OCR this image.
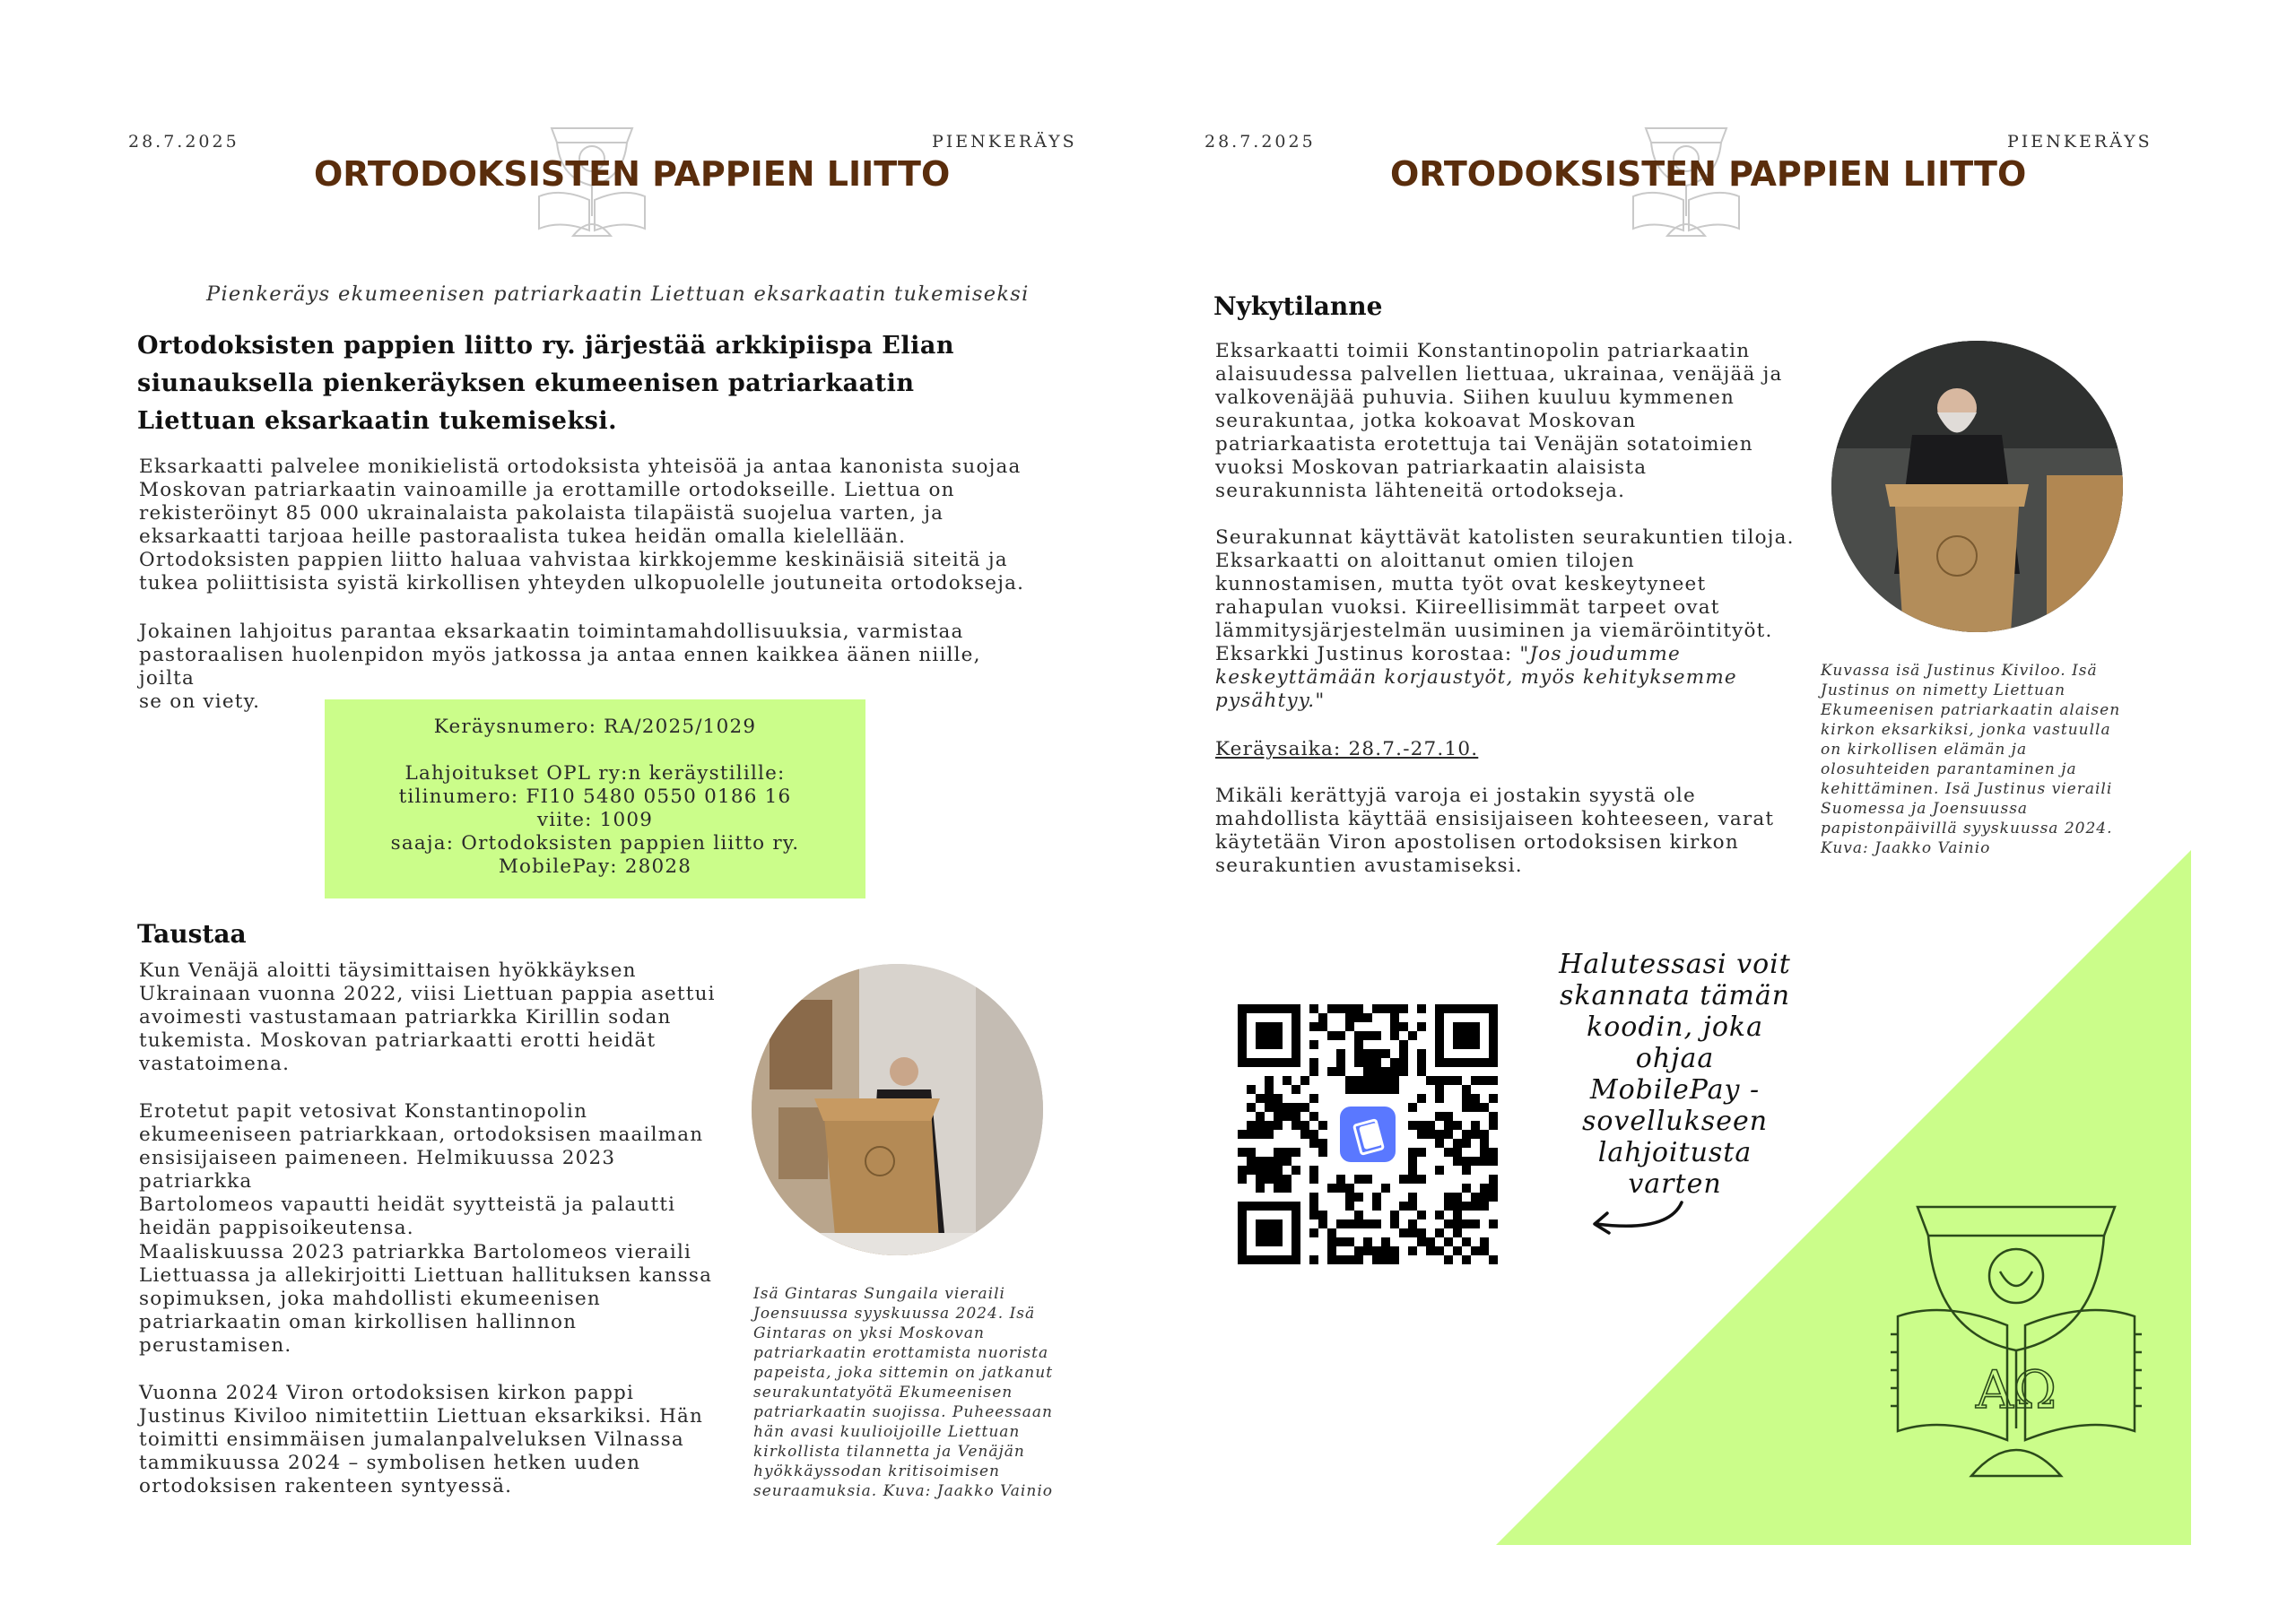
28.7.2025	PIENKERÄYS
ORTODOKSISTEN PAPPIEN LIITTO
Pienkeräys ekumeenisen patriarkaatin Liettuan eksarkaatin tukemiseksi
Ortodoksisten pappien liitto ry. järjestää arkkipiispa Elian siunauksella pienkeräyksen ekumeenisen patriarkaatin Liettuan eksarkaatin tukemiseksi.
Eksarkaatti palvelee monikielistä ortodoksista yhteisöä ja antaa kanonista suojaa
Moskovan patriarkaatin vainoamille ja erottamille ortodokseille. Liettua on
rekisteröinyt 85 000 ukrainalaista pakolaista tilapäistä suojelua varten, ja
eksarkaatti tarjoaa heille pastoraalista tukea heidän omalla kielellään.
Ortodoksisten pappien liitto haluaa vahvistaa kirkkojemme keskinäisiä siteitä ja
tukea poliittisista syistä kirkollisen yhteyden ulkopuolelle joutuneita ortodokseja.
Jokainen lahjoitus parantaa eksarkaatin toimintamahdollisuuksia, varmistaa
pastoraalisen huolenpidon myös jatkossa ja antaa ennen kaikkea äänen niille, joilta
se on viety.
Keräysnumero: RA/2025/1029
Lahjoitukset OPL ry:n keräystilille:
tilinumero: FI10 5480 0550 0186 16
viite: 1009
saaja: Ortodoksisten pappien liitto ry.
MobilePay: 28028
Taustaa
Kun Venäjä aloitti täysimittaisen hyökkäyksen
Ukrainaan vuonna 2022, viisi Liettuan pappia asettui
avoimesti vastustamaan patriarkka Kirillin sodan
tukemista. Moskovan patriarkaatti erotti heidät
vastatoimena.
Erotetut papit vetosivat Konstantinopolin
ekumeeniseen patriarkkaan, ortodoksisen maailman
ensisijaiseen paimeneen. Helmikuussa 2023 patriarkka
Bartolomeos vapautti heidät syytteistä ja palautti
heidän pappisoikeutensa.
Maaliskuussa 2023 patriarkka Bartolomeos vieraili
Liettuassa ja allekirjoitti Liettuan hallituksen kanssa
sopimuksen, joka mahdollisti ekumeenisen
patriarkaatin oman kirkollisen hallinnon
perustamisen.
Vuonna 2024 Viron ortodoksisen kirkon pappi
Justinus Kiviloo nimitettiin Liettuan eksarkiksi. Hän
toimitti ensimmäisen jumalanpalveluksen Vilnassa
tammikuussa 2024 – symbolisen hetken uuden
ortodoksisen rakenteen syntyessä.
Isä Gintaras Sungaila vieraili
Joensuussa syyskuussa 2024. Isä
Gintaras on yksi Moskovan
patriarkaatin erottamista nuorista
papeista, joka sittemin on jatkanut
seurakuntatyötä Ekumeenisen
patriarkaatin suojissa. Puheessaan
hän avasi kuulioijoille Liettuan
kirkollista tilannetta ja Venäjän
hyökkäyssodan kritisoimisen
seuraamuksia. Kuva: Jaakko Vainio
28.7.2025	PIENKERÄYS
ORTODOKSISTEN PAPPIEN LIITTO
Nykytilanne
Eksarkaatti toimii Konstantinopolin patriarkaatin
alaisuudessa palvellen liettuaa, ukrainaa, venäjää ja
valkovenäjää puhuvia. Siihen kuuluu kymmenen
seurakuntaa, jotka kokoavat Moskovan
patriarkaatista erotettuja tai Venäjän sotatoimien
vuoksi Moskovan patriarkaatin alaisista
seurakunnista lähteneitä ortodokseja.
Seurakunnat käyttävät katolisten seurakuntien tiloja.
Eksarkaatti on aloittanut omien tilojen
kunnostamisen, mutta työt ovat keskeytyneet
rahapulan vuoksi. Kiireellisimmät tarpeet ovat
lämmitysjärjestelmän uusiminen ja viemäröintityöt.
Eksarkki Justinus korostaa: "Jos joudumme
keskeyttämään korjaustyöt, myös kehityksemme
pysähtyy."
Keräysaika: 28.7.-27.10.
Mikäli kerättyjä varoja ei jostakin syystä ole
mahdollista käyttää ensisijaiseen kohteeseen, varat
käytetään Viron apostolisen ortodoksisen kirkon
seurakuntien avustamiseksi.
Kuvassa isä Justinus Kiviloo. Isä
Justinus on nimetty Liettuan
Ekumeenisen patriarkaatin alaisen
kirkon eksarkiksi, jonka vastuulla
on kirkollisen elämän ja
olosuhteiden parantaminen ja
kehittäminen. Isä Justinus vieraili
Suomessa ja Joensuussa
papistonpäivillä syyskuussa 2024.
Kuva: Jaakko Vainio
AΩ
Halutessasi voit skannata tämän koodin, joka ohjaa MobilePay -sovellukseen lahjoitusta varten
